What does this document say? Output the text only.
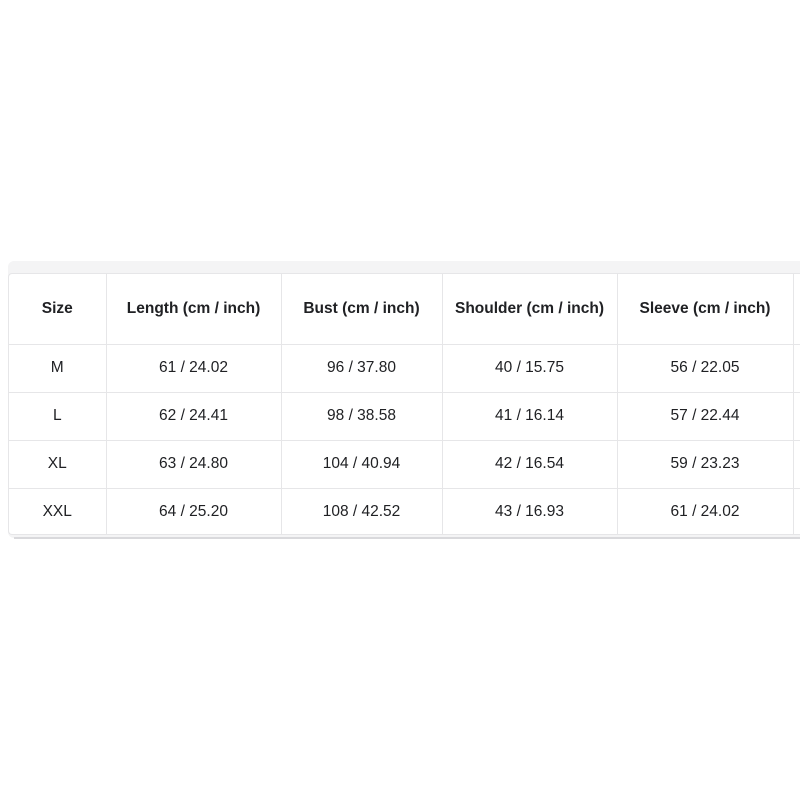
Size	Length (cm / inch)	Bust (cm / inch)	Shoulder (cm / inch)	Sleeve (cm / inch)	
M	61 / 24.02	96 / 37.80	40 / 15.75	56 / 22.05	
L	62 / 24.41	98 / 38.58	41 / 16.14	57 / 22.44	
XL	63 / 24.80	104 / 40.94	42 / 16.54	59 / 23.23	
XXL	64 / 25.20	108 / 42.52	43 / 16.93	61 / 24.02	
